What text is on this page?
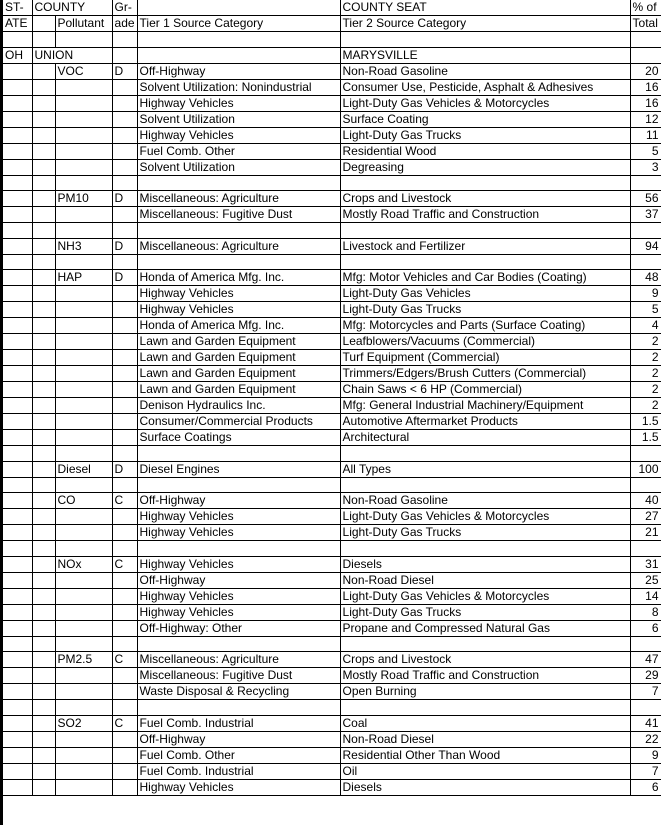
ST-	COUNTY		Gr-		COUNTY SEAT	% of
ATE		Pollutant	ade	Tier 1 Source Category	Tier 2 Source Category	Total

OH	UNION				MARYSVILLE	
		VOC	D	Off-Highway	Non-Road Gasoline	20
				Solvent Utilization: Nonindustrial	Consumer Use, Pesticide, Asphalt & Adhesives	16
				Highway Vehicles	Light-Duty Gas Vehicles & Motorcycles	16
				Solvent Utilization	Surface Coating	12
				Highway Vehicles	Light-Duty Gas Trucks	11
				Fuel Comb. Other	Residential Wood	5
				Solvent Utilization	Degreasing	3

		PM10	D	Miscellaneous: Agriculture	Crops and Livestock	56
				Miscellaneous: Fugitive Dust	Mostly Road Traffic and Construction	37

		NH3	D	Miscellaneous: Agriculture	Livestock and Fertilizer	94

		HAP	D	Honda of America Mfg. Inc.	Mfg: Motor Vehicles and Car Bodies (Coating)	48
				Highway Vehicles	Light-Duty Gas Vehicles	9
				Highway Vehicles	Light-Duty Gas Trucks	5
				Honda of America Mfg. Inc.	Mfg: Motorcycles and Parts (Surface Coating)	4
				Lawn and Garden Equipment	Leafblowers/Vacuums (Commercial)	2
				Lawn and Garden Equipment	Turf Equipment (Commercial)	2
				Lawn and Garden Equipment	Trimmers/Edgers/Brush Cutters (Commercial)	2
				Lawn and Garden Equipment	Chain Saws < 6 HP (Commercial)	2
				Denison Hydraulics Inc.	Mfg: General Industrial Machinery/Equipment	2
				Consumer/Commercial Products	Automotive Aftermarket Products	1.5
				Surface Coatings	Architectural	1.5

		Diesel	D	Diesel Engines	All Types	100

		CO	C	Off-Highway	Non-Road Gasoline	40
				Highway Vehicles	Light-Duty Gas Vehicles & Motorcycles	27
				Highway Vehicles	Light-Duty Gas Trucks	21

		NOx	C	Highway Vehicles	Diesels	31
				Off-Highway	Non-Road Diesel	25
				Highway Vehicles	Light-Duty Gas Vehicles & Motorcycles	14
				Highway Vehicles	Light-Duty Gas Trucks	8
				Off-Highway: Other	Propane and Compressed Natural Gas	6

		PM2.5	C	Miscellaneous: Agriculture	Crops and Livestock	47
				Miscellaneous: Fugitive Dust	Mostly Road Traffic and Construction	29
				Waste Disposal & Recycling	Open Burning	7

		SO2	C	Fuel Comb. Industrial	Coal	41
				Off-Highway	Non-Road Diesel	22
				Fuel Comb. Other	Residential Other Than Wood	9
				Fuel Comb. Industrial	Oil	7
				Highway Vehicles	Diesels	6
